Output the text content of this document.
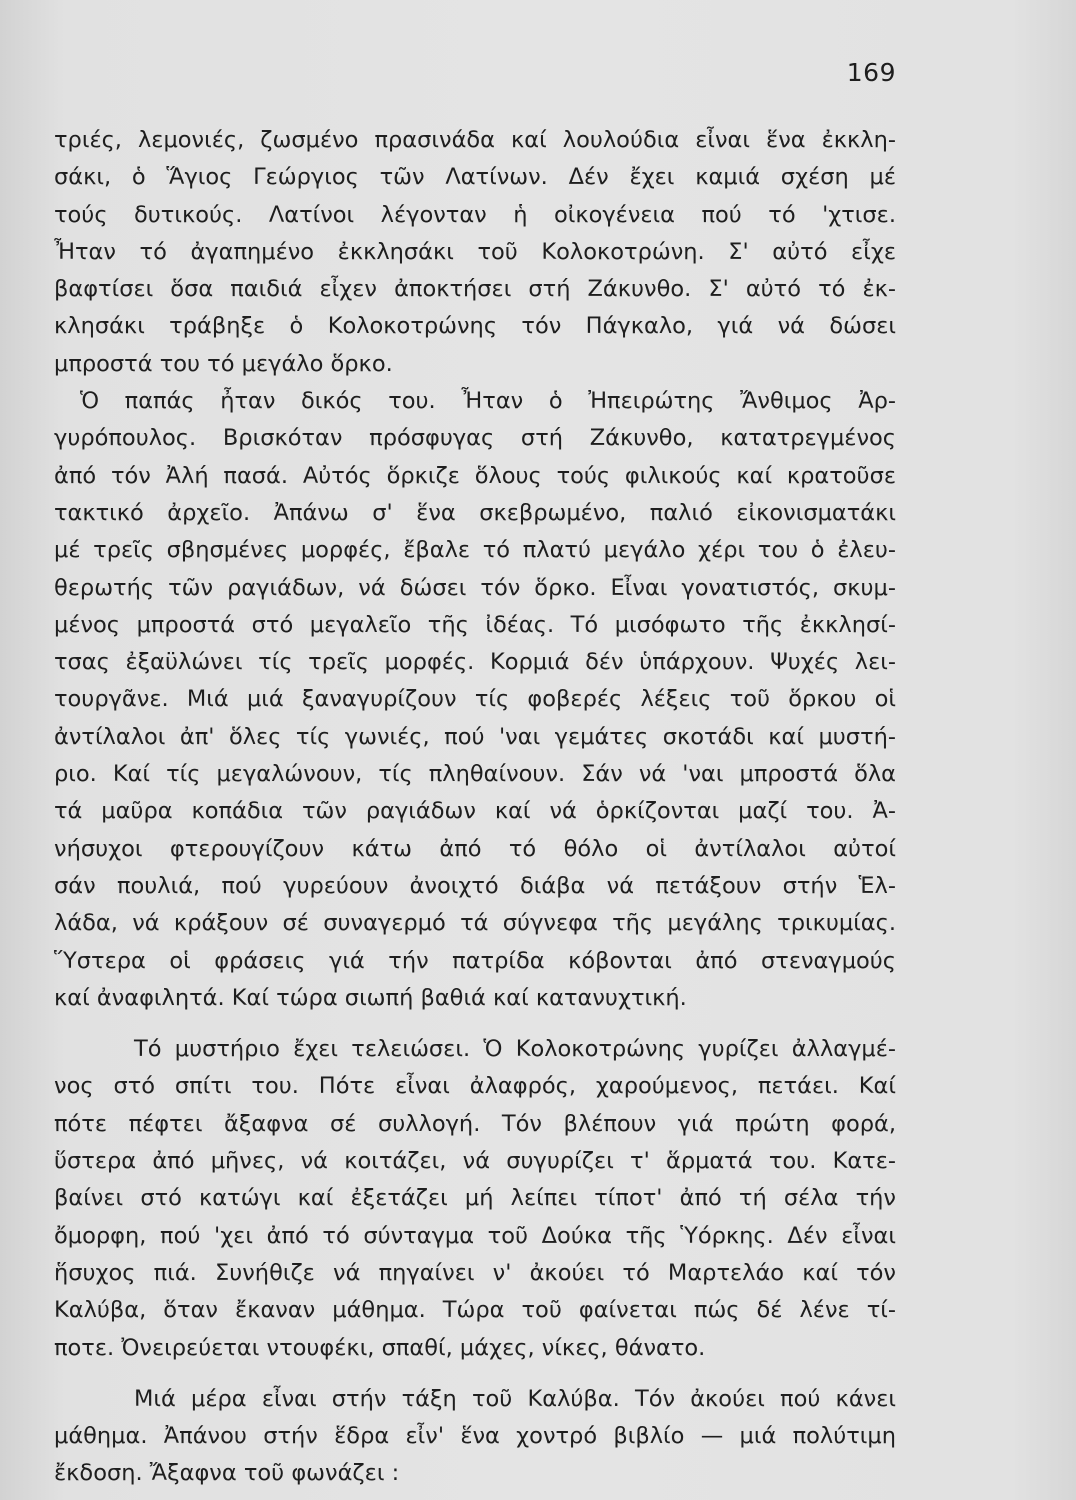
169
τριές, λεμονιές, ζωσμένο πρασινάδα καί λουλούδια εἶναι ἕνα ἐκκλη-
σάκι, ὁ Ἅγιος Γεώργιος τῶν Λατίνων. Δέν ἔχει καμιά σχέση μέ
τούς δυτικούς. Λατίνοι λέγονταν ἡ οἰκογένεια πού τό 'χτισε.
Ἦταν τό ἀγαπημένο ἐκκλησάκι τοῦ Κολοκοτρώνη. Σ' αὐτό εἶχε
βαφτίσει ὅσα παιδιά εἶχεν ἀποκτήσει στή Ζάκυνθο. Σ' αὐτό τό ἐκ-
κλησάκι τράβηξε ὁ Κολοκοτρώνης τόν Πάγκαλο, γιά νά δώσει
μπροστά του τό μεγάλο ὅρκο.
Ὁ παπάς ἦταν δικός του. Ἦταν ὁ Ἠπειρώτης Ἄνθιμος Ἀρ-
γυρόπουλος. Βρισκόταν πρόσφυγας στή Ζάκυνθο, κατατρεγμένος
ἀπό τόν Ἀλή πασά. Αὐτός ὅρκιζε ὅλους τούς φιλικούς καί κρατοῦσε
τακτικό ἀρχεῖο. Ἀπάνω σ' ἕνα σκεβρωμένο, παλιό εἰκονισματάκι
μέ τρεῖς σβησμένες μορφές, ἔβαλε τό πλατύ μεγάλο χέρι του ὁ ἐλευ-
θερωτής τῶν ραγιάδων, νά δώσει τόν ὅρκο. Εἶναι γονατιστός, σκυμ-
μένος μπροστά στό μεγαλεῖο τῆς ἰδέας. Τό μισόφωτο τῆς ἐκκλησί-
τσας ἐξαϋλώνει τίς τρεῖς μορφές. Κορμιά δέν ὑπάρχουν. Ψυχές λει-
τουργᾶνε. Μιά μιά ξαναγυρίζουν τίς φοβερές λέξεις τοῦ ὅρκου οἱ
ἀντίλαλοι ἀπ' ὅλες τίς γωνιές, πού 'ναι γεμάτες σκοτάδι καί μυστή-
ριο. Καί τίς μεγαλώνουν, τίς πληθαίνουν. Σάν νά 'ναι μπροστά ὅλα
τά μαῦρα κοπάδια τῶν ραγιάδων καί νά ὁρκίζονται μαζί του. Ἀ-
νήσυχοι φτερουγίζουν κάτω ἀπό τό θόλο οἱ ἀντίλαλοι αὐτοί
σάν πουλιά, πού γυρεύουν ἀνοιχτό διάβα νά πετάξουν στήν Ἑλ-
λάδα, νά κράξουν σέ συναγερμό τά σύγνεφα τῆς μεγάλης τρικυμίας.
Ὕστερα οἱ φράσεις γιά τήν πατρίδα κόβονται ἀπό στεναγμούς
καί ἀναφιλητά. Καί τώρα σιωπή βαθιά καί κατανυχτική.
Τό μυστήριο ἔχει τελειώσει. Ὁ Κολοκοτρώνης γυρίζει ἀλλαγμέ-
νος στό σπίτι του. Πότε εἶναι ἀλαφρός, χαρούμενος, πετάει. Καί
πότε πέφτει ἄξαφνα σέ συλλογή. Τόν βλέπουν γιά πρώτη φορά,
ὕστερα ἀπό μῆνες, νά κοιτάζει, νά συγυρίζει τ' ἅρματά του. Κατε-
βαίνει στό κατώγι καί ἐξετάζει μή λείπει τίποτ' ἀπό τή σέλα τήν
ὄμορφη, πού 'χει ἀπό τό σύνταγμα τοῦ Δούκα τῆς Ὑόρκης. Δέν εἶναι
ἥσυχος πιά. Συνήθιζε νά πηγαίνει ν' ἀκούει τό Μαρτελάο καί τόν
Καλύβα, ὅταν ἔκαναν μάθημα. Τώρα τοῦ φαίνεται πώς δέ λένε τί-
ποτε. Ὀνειρεύεται ντουφέκι, σπαθί, μάχες, νίκες, θάνατο.
Μιά μέρα εἶναι στήν τάξη τοῦ Καλύβα. Τόν ἀκούει πού κάνει
μάθημα. Ἀπάνου στήν ἕδρα εἶν' ἕνα χοντρό βιβλίο — μιά πολύτιμη
ἔκδοση. Ἄξαφνα τοῦ φωνάζει :
